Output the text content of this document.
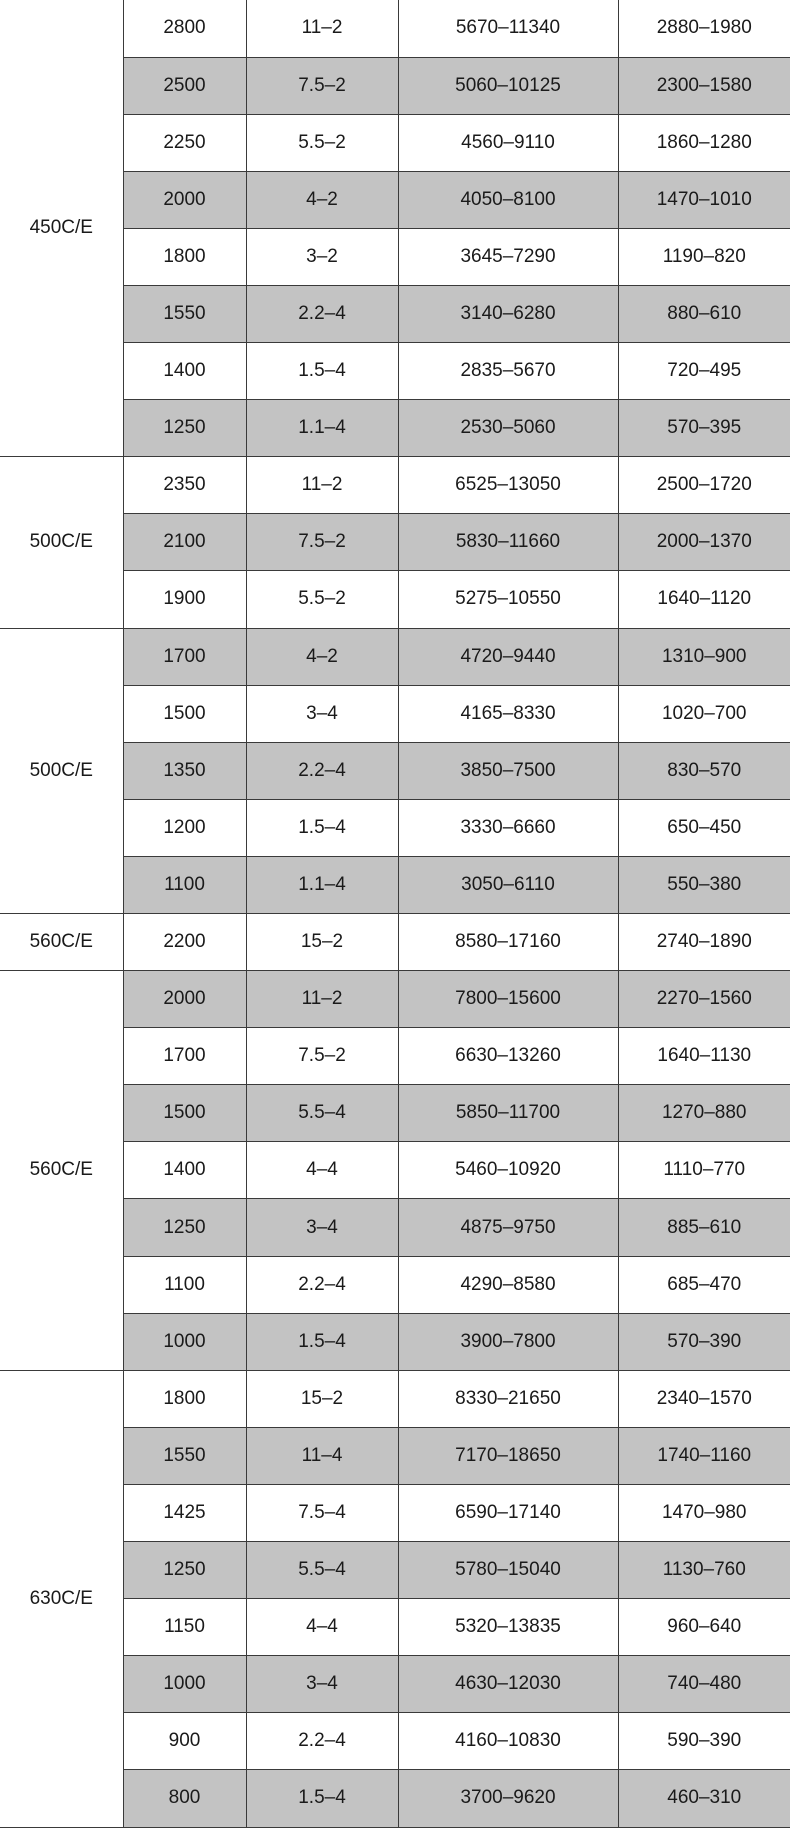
450C/E	2800	11–2	5670–11340	2880–1980
	2500	7.5–2	5060–10125	2300–1580
	2250	5.5–2	4560–9110	1860–1280
	2000	4–2	4050–8100	1470–1010
	1800	3–2	3645–7290	1190–820
	1550	2.2–4	3140–6280	880–610
	1400	1.5–4	2835–5670	720–495
	1250	1.1–4	2530–5060	570–395
500C/E	2350	11–2	6525–13050	2500–1720
	2100	7.5–2	5830–11660	2000–1370
	1900	5.5–2	5275–10550	1640–1120
500C/E	1700	4–2	4720–9440	1310–900
	1500	3–4	4165–8330	1020–700
	1350	2.2–4	3850–7500	830–570
	1200	1.5–4	3330–6660	650–450
	1100	1.1–4	3050–6110	550–380
560C/E	2200	15–2	8580–17160	2740–1890
560C/E	2000	11–2	7800–15600	2270–1560
	1700	7.5–2	6630–13260	1640–1130
	1500	5.5–4	5850–11700	1270–880
	1400	4–4	5460–10920	1110–770
	1250	3–4	4875–9750	885–610
	1100	2.2–4	4290–8580	685–470
	1000	1.5–4	3900–7800	570–390
630C/E	1800	15–2	8330–21650	2340–1570
	1550	11–4	7170–18650	1740–1160
	1425	7.5–4	6590–17140	1470–980
	1250	5.5–4	5780–15040	1130–760
	1150	4–4	5320–13835	960–640
	1000	3–4	4630–12030	740–480
	900	2.2–4	4160–10830	590–390
	800	1.5–4	3700–9620	460–310
